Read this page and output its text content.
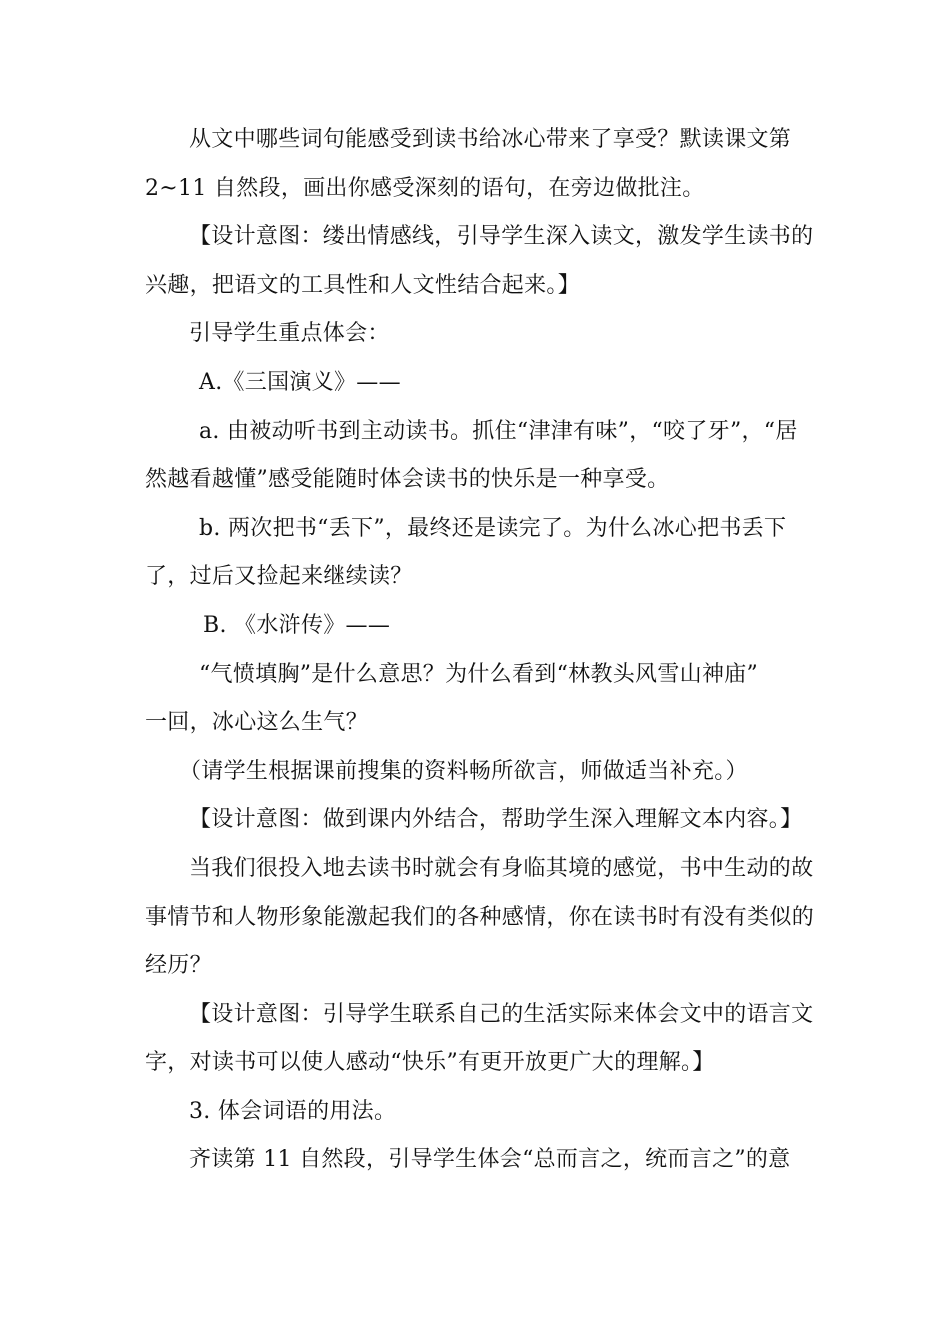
从文中哪些词句能感受到读书给冰心带来了享受？默读课文第
2~11 自然段，画出你感受深刻的语句，在旁边做批注。

【设计意图：缕出情感线，引导学生深入读文，激发学生读书的
兴趣，把语文的工具性和人文性结合起来。】

引导学生重点体会：

A.《三国演义》——

a. 由被动听书到主动读书。抓住“津津有味”，“咬了牙”，“居
然越看越懂”感受能随时体会读书的快乐是一种享受。

b. 两次把书“丢下”，最终还是读完了。为什么冰心把书丢下
了，过后又捡起来继续读？

B. 《水浒传》——

“气愤填胸”是什么意思？为什么看到“林教头风雪山神庙”
一回，冰心这么生气？

（请学生根据课前搜集的资料畅所欲言，师做适当补充。）

【设计意图：做到课内外结合，帮助学生深入理解文本内容。】

当我们很投入地去读书时就会有身临其境的感觉，书中生动的故
事情节和人物形象能激起我们的各种感情，你在读书时有没有类似的
经历？

【设计意图：引导学生联系自己的生活实际来体会文中的语言文
字，对读书可以使人感动“快乐”有更开放更广大的理解。】

3. 体会词语的用法。

齐读第 11 自然段，引导学生体会“总而言之，统而言之”的意
